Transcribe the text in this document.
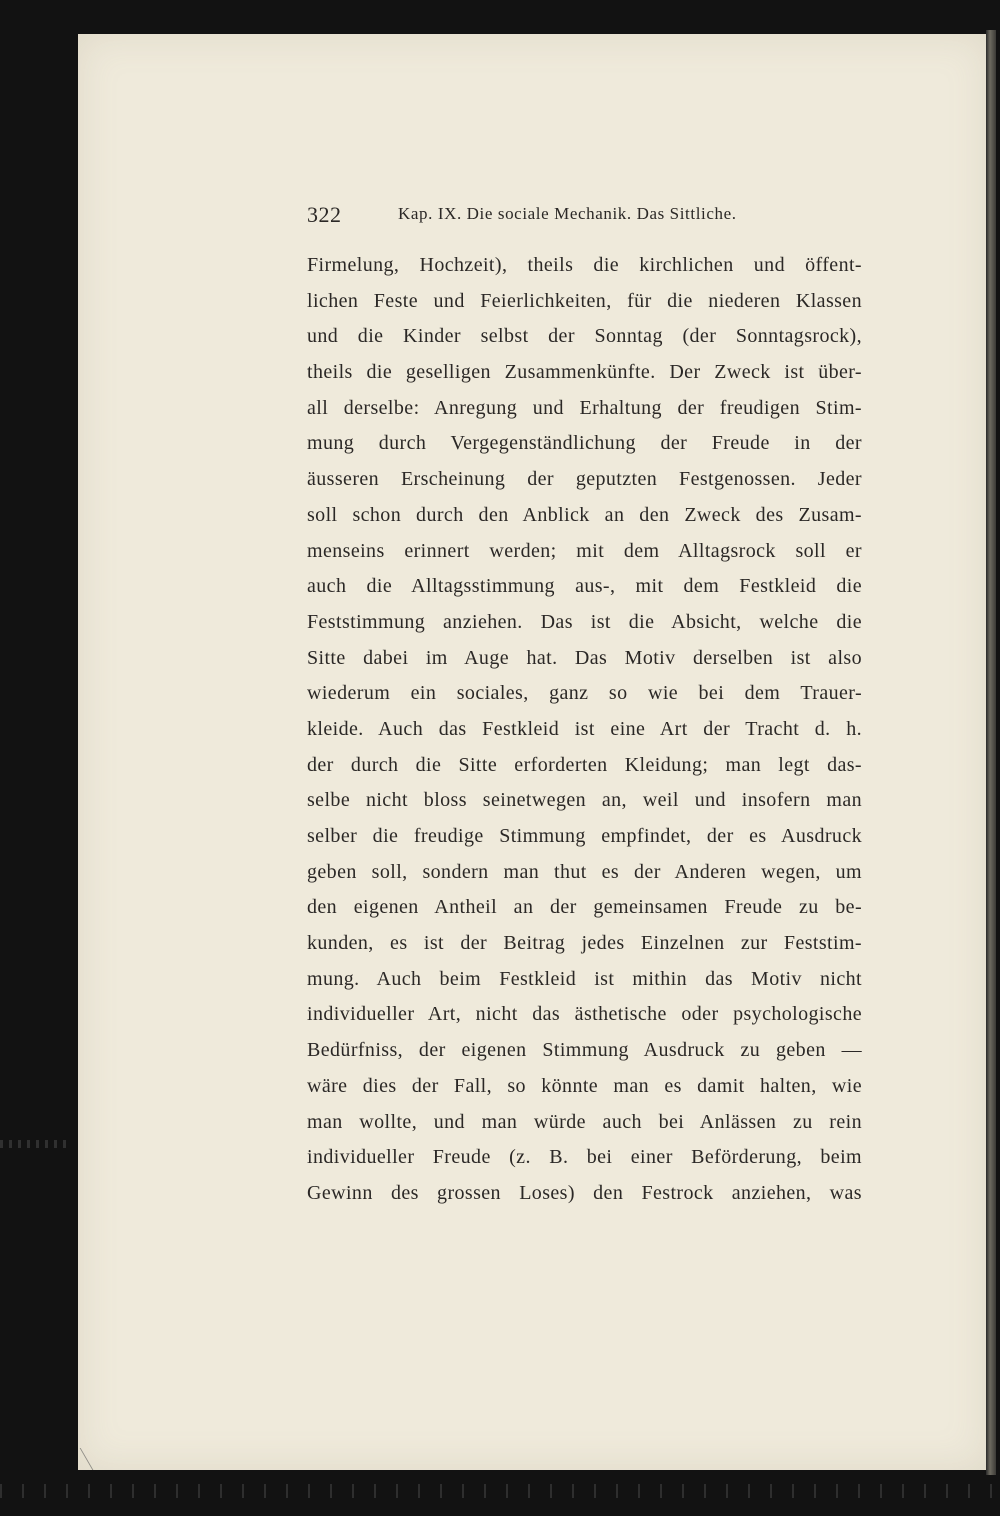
322	Kap. IX. Die sociale Mechanik. Das Sittliche.
Firmelung, Hochzeit), theils die kirchlichen und öffent-
lichen Feste und Feierlichkeiten, für die niederen Klassen
und die Kinder selbst der Sonntag (der Sonntagsrock),
theils die geselligen Zusammenkünfte. Der Zweck ist über-
all derselbe: Anregung und Erhaltung der freudigen Stim-
mung durch Vergegenständlichung der Freude in der
äusseren Erscheinung der geputzten Festgenossen. Jeder
soll schon durch den Anblick an den Zweck des Zusam-
menseins erinnert werden; mit dem Alltagsrock soll er
auch die Alltagsstimmung aus-, mit dem Festkleid die
Feststimmung anziehen. Das ist die Absicht, welche die
Sitte dabei im Auge hat. Das Motiv derselben ist also
wiederum ein sociales, ganz so wie bei dem Trauer-
kleide. Auch das Festkleid ist eine Art der Tracht d. h.
der durch die Sitte erforderten Kleidung; man legt das-
selbe nicht bloss seinetwegen an, weil und insofern man
selber die freudige Stimmung empfindet, der es Ausdruck
geben soll, sondern man thut es der Anderen wegen, um
den eigenen Antheil an der gemeinsamen Freude zu be-
kunden, es ist der Beitrag jedes Einzelnen zur Feststim-
mung. Auch beim Festkleid ist mithin das Motiv nicht
individueller Art, nicht das ästhetische oder psychologische
Bedürfniss, der eigenen Stimmung Ausdruck zu geben —
wäre dies der Fall, so könnte man es damit halten, wie
man wollte, und man würde auch bei Anlässen zu rein
individueller Freude (z. B. bei einer Beförderung, beim
Gewinn des grossen Loses) den Festrock anziehen, was
